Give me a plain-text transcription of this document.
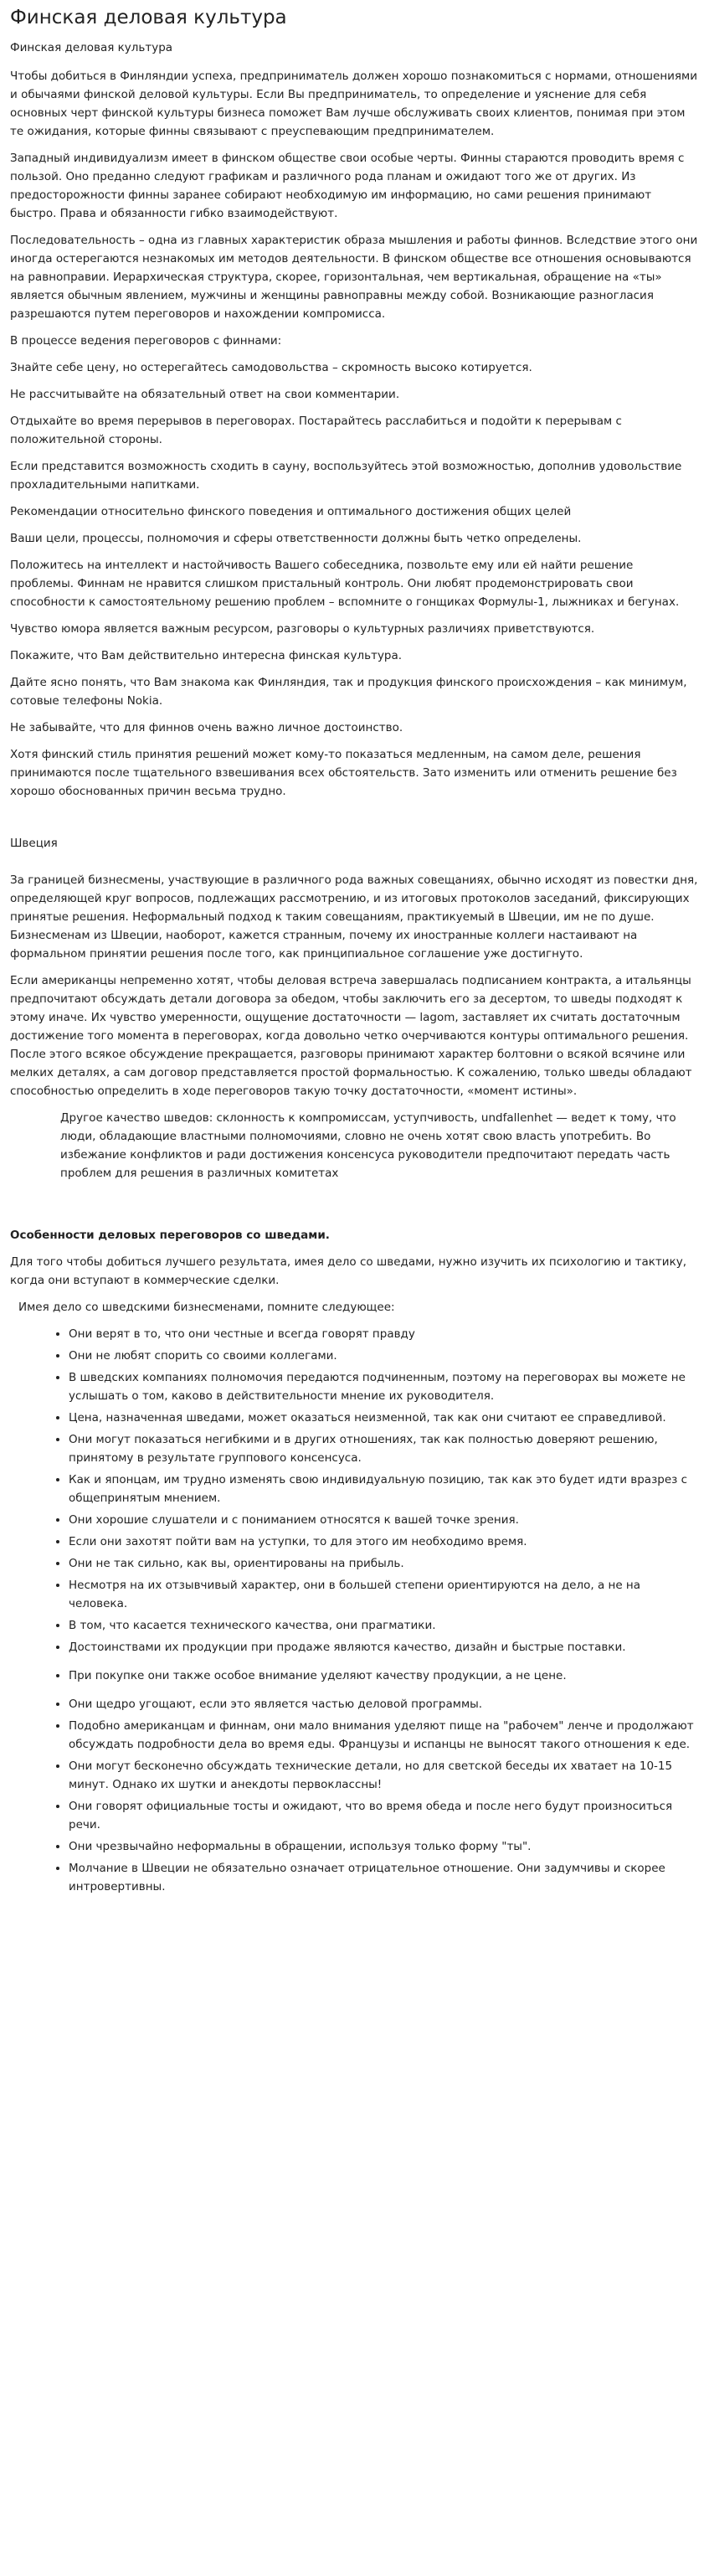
Финская деловая культура
Финская деловая культура

Чтобы добиться в Финляндии успеха, предприниматель должен хорошо познакомиться с нормами, отношениями и обычаями финской деловой культуры. Если Вы предприниматель, то определение и уяснение для себя основных черт финской культуры бизнеса поможет Вам лучше обслуживать своих клиентов, понимая при этом те ожидания, которые финны связывают с преуспевающим предпринимателем.

Западный индивидуализм имеет в финском обществе свои особые черты. Финны стараются проводить время с пользой. Оно преданно следуют графикам и различного рода планам и ожидают того же от других. Из предосторожности финны заранее собирают необходимую им информацию, но сами решения принимают быстро. Права и обязанности гибко взаимодействуют.

Последовательность – одна из главных характеристик образа мышления и работы финнов. Вследствие этого они иногда остерегаются незнакомых им методов деятельности. В финском обществе все отношения основываются на равноправии. Иерархическая структура, скорее, горизонтальная, чем вертикальная, обращение на «ты» является обычным явлением, мужчины и женщины равноправны между собой. Возникающие разногласия разрешаются путем переговоров и нахождении компромисса.

В процессе ведения переговоров с финнами:

Знайте себе цену, но остерегайтесь самодовольства – скромность высоко котируется.

Не рассчитывайте на обязательный ответ на свои комментарии.

Отдыхайте во время перерывов в переговорах. Постарайтесь расслабиться и подойти к перерывам с положительной стороны.

Если представится возможность сходить в сауну, воспользуйтесь этой возможностью, дополнив удовольствие прохладительными напитками.

Рекомендации относительно финского поведения и оптимального достижения общих целей

Ваши цели, процессы, полномочия и сферы ответственности должны быть четко определены.

Положитесь на интеллект и настойчивость Вашего собеседника, позвольте ему или ей найти решение проблемы. Финнам не нравится слишком пристальный контроль. Они любят продемонстрировать свои способности к самостоятельному решению проблем – вспомните о гонщиках Формулы-1, лыжниках и бегунах.

Чувство юмора является важным ресурсом, разговоры о культурных различиях приветствуются.

Покажите, что Вам действительно интересна финская культура.

Дайте ясно понять, что Вам знакома как Финляндия, так и продукция финского происхождения – как минимум, сотовые телефоны Nokia.

Не забывайте, что для финнов очень важно личное достоинство.

Хотя финский стиль принятия решений может кому-то показаться медленным, на самом деле, решения принимаются после тщательного взвешивания всех обстоятельств. Зато изменить или отменить решение без хорошо обоснованных причин весьма трудно.

Швеция

За границей бизнесмены, участвующие в различного рода важных совещаниях, обычно исходят из повестки дня, определяющей круг вопросов, подлежащих рассмотрению, и из итоговых протоколов заседаний, фиксирующих принятые решения. Неформальный подход к таким совещаниям, практикуемый в Швеции, им не по душе. Бизнесменам из Швеции, наоборот, кажется странным, почему их иностранные коллеги настаивают на формальном принятии решения после того, как принципиальное соглашение уже достигнуто.

Если американцы непременно хотят, чтобы деловая встреча завершалась подписанием контракта, а итальянцы предпочитают обсуждать детали договора за обедом, чтобы заключить его за десертом, то шведы подходят к этому иначе. Их чувство умеренности, ощущение достаточности — lagom, заставляет их считать достаточным достижение того момента в переговорах, когда довольно четко очерчиваются контуры оптимального решения. После этого всякое обсуждение прекращается, разговоры принимают характер болтовни о всякой всячине или мелких деталях, а сам договор представляется простой формальностью. К сожалению, только шведы обладают способностью определить в ходе переговоров такую точку достаточности, «момент истины».

Другое качество шведов: склонность к компромиссам, уступчивость, undfallenhet — ведет к тому, что люди, обладающие властными полномочиями, словно не очень хотят свою власть употребить. Во избежание конфликтов и ради достижения консенсуса руководители предпочитают передать часть проблем для решения в различных комитетах

Особенности деловых переговоров со шведами.

Для того чтобы добиться лучшего результата, имея дело со шведами, нужно изучить их психологию и тактику, когда они вступают в коммерческие сделки.

Имея дело со шведскими бизнесменами, помните следующее:

• Они верят в то, что они честные и всегда говорят правду
• Они не любят спорить со своими коллегами.
• В шведских компаниях полномочия передаются подчиненным, поэтому на переговорах вы можете не услышать о том, каково в действительности мнение их руководителя.
• Цена, назначенная шведами, может оказаться неизменной, так как они считают ее справедливой.
• Они могут показаться негибкими и в других отношениях, так как полностью доверяют решению, принятому в результате группового консенсуса.
• Как и японцам, им трудно изменять свою индивидуальную позицию, так как это будет идти вразрез с общепринятым мнением.
• Они хорошие слушатели и с пониманием относятся к вашей точке зрения.
• Если они захотят пойти вам на уступки, то для этого им необходимо время.
• Они не так сильно, как вы, ориентированы на прибыль.
• Несмотря на их отзывчивый характер, они в большей степени ориентируются на дело, а не на человека.
• В том, что касается технического качества, они прагматики.
• Достоинствами их продукции при продаже являются качество, дизайн и быстрые поставки.
• При покупке они также особое внимание уделяют качеству продукции, а не цене.
• Они щедро угощают, если это является частью деловой программы.
• Подобно американцам и финнам, они мало внимания уделяют пище на "рабочем" ленче и продолжают обсуждать подробности дела во время еды. Французы и испанцы не выносят такого отношения к еде.
• Они могут бесконечно обсуждать технические детали, но для светской беседы их хватает на 10-15 минут. Однако их шутки и анекдоты первоклассны!
• Они говорят официальные тосты и ожидают, что во время обеда и после него будут произноситься речи.
• Они чрезвычайно неформальны в обращении, используя только форму "ты".
• Молчание в Швеции не обязательно означает отрицательное отношение. Они задумчивы и скорее интровертивны.
